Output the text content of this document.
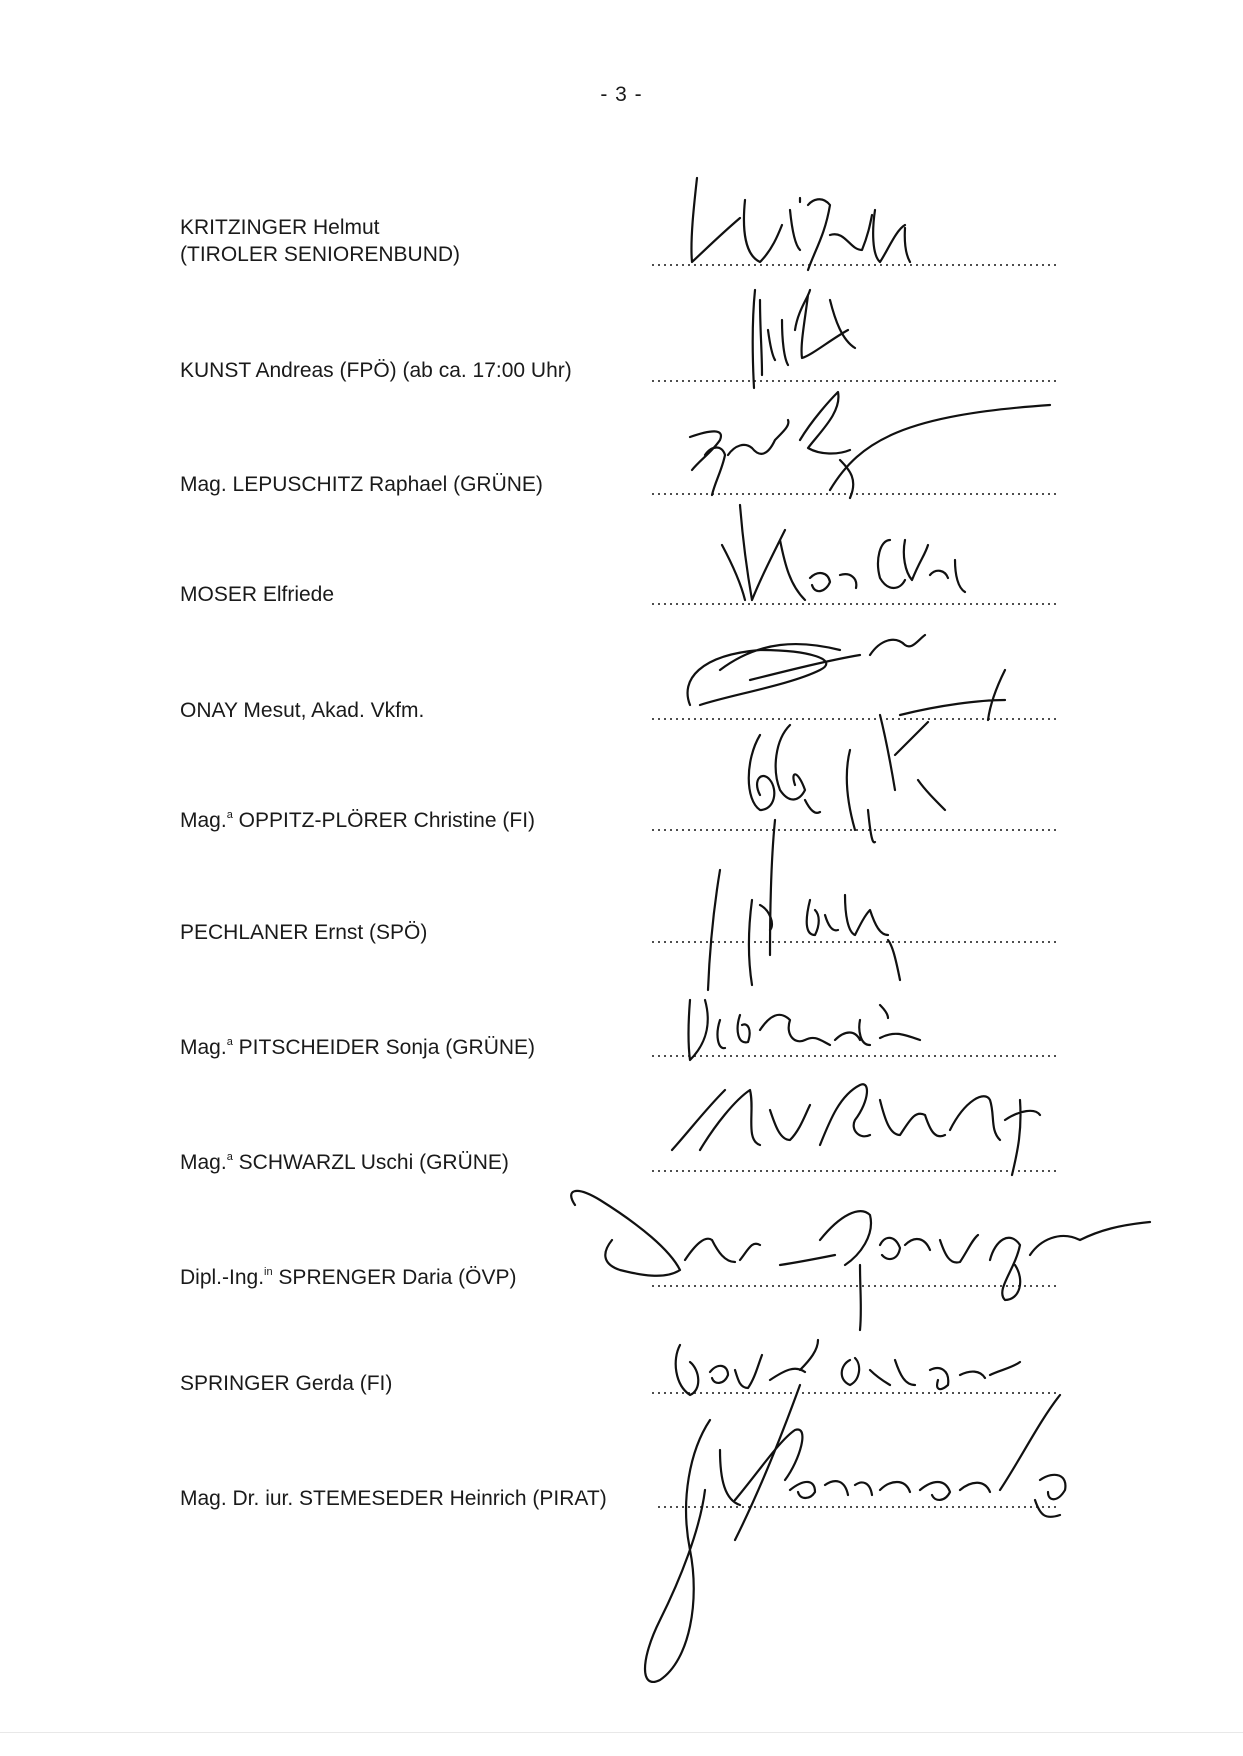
- 3 -
KRITZINGER Helmut
(TIROLER SENIORENBUND)
KUNST Andreas (FPÖ) (ab ca. 17:00 Uhr)
Mag. LEPUSCHITZ Raphael (GRÜNE)
MOSER Elfriede
ONAY Mesut, Akad. Vkfm.
Mag.$^a$ OPPITZ-PLÖRER Christine (FI)
PECHLANER Ernst (SPÖ)
Mag.$^a$ PITSCHEIDER Sonja (GRÜNE)
Mag.$^a$ SCHWARZL Uschi (GRÜNE)
Dipl.-Ing.$^{in}$ SPRENGER Daria (ÖVP)
SPRINGER Gerda (FI)
Mag. Dr. iur. STEMESEDER Heinrich (PIRAT)
